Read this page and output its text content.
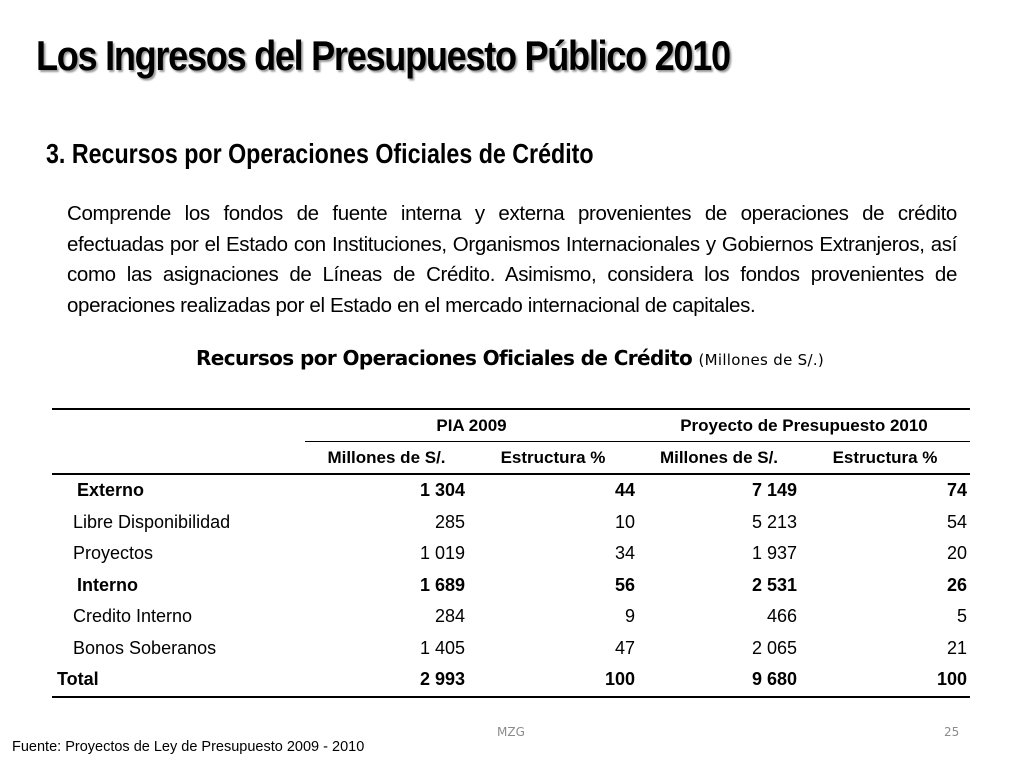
Los Ingresos del Presupuesto Público 2010
3. Recursos por Operaciones Oficiales de Crédito

Comprende los fondos de fuente interna y externa provenientes de operaciones de crédito efectuadas por el Estado con Instituciones, Organismos Internacionales y Gobiernos Extranjeros, así como las asignaciones de Líneas de Crédito. Asimismo, considera los fondos provenientes de operaciones realizadas por el Estado en el mercado internacional de capitales.

Recursos por Operaciones Oficiales de Crédito (Millones de S/.)
	PIA 2009		Proyecto de Presupuesto 2010	
	Millones de S/.	Estructura %	Millones de S/.	Estructura %
Externo	1 304	44	7 149	74
Libre Disponibilidad	285	10	5 213	54
Proyectos	1 019	34	1 937	20
Interno	1 689	56	2 531	26
Credito Interno	284	9	466	5
Bonos Soberanos	1 405	47	2 065	21
Total	2 993	100	9 680	100
Fuente: Proyectos de Ley de Presupuesto 2009 - 2010
MZG	25
